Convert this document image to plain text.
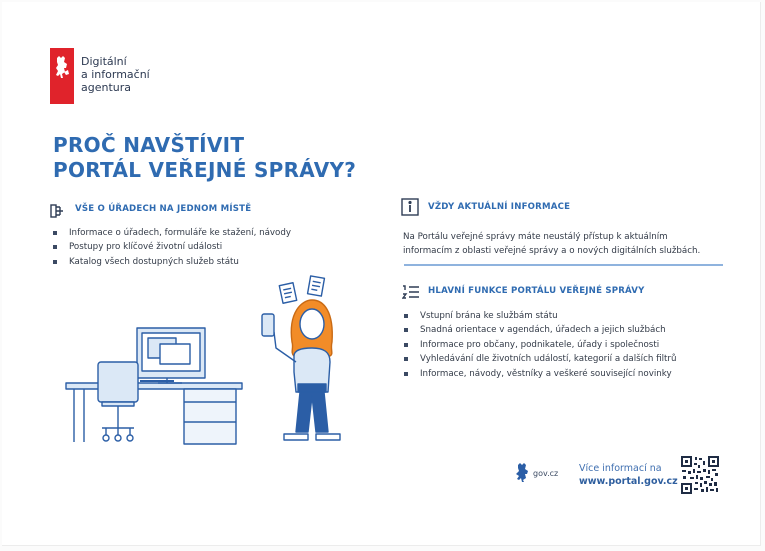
Digitální
a informační
agentura
PROČ NAVŠTÍVIT
PORTÁL VEŘEJNÉ SPRÁVY?
VŠE O ÚŘADECH NA JEDNOM MÍSTĚ
Informace o úřadech, formuláře ke stažení, návody
Postupy pro klíčové životní události
Katalog všech dostupných služeb státu
VŽDY AKTUÁLNÍ INFORMACE
Na Portálu veřejné správy máte neustálý přístup k aktuálním
informacím z oblasti veřejné správy a o nových digitálních službách.
HLAVNÍ FUNKCE PORTÁLU VEŘEJNÉ SPRÁVY
Vstupní brána ke službám státu
Snadná orientace v agendách, úřadech a jejich službách
Informace pro občany, podnikatele, úřady i společnosti
Vyhledávání dle životních událostí, kategorií a dalších filtrů
Informace, návody, věstníky a veškeré související novinky
gov.cz Více informací na
www.portal.gov.cz
